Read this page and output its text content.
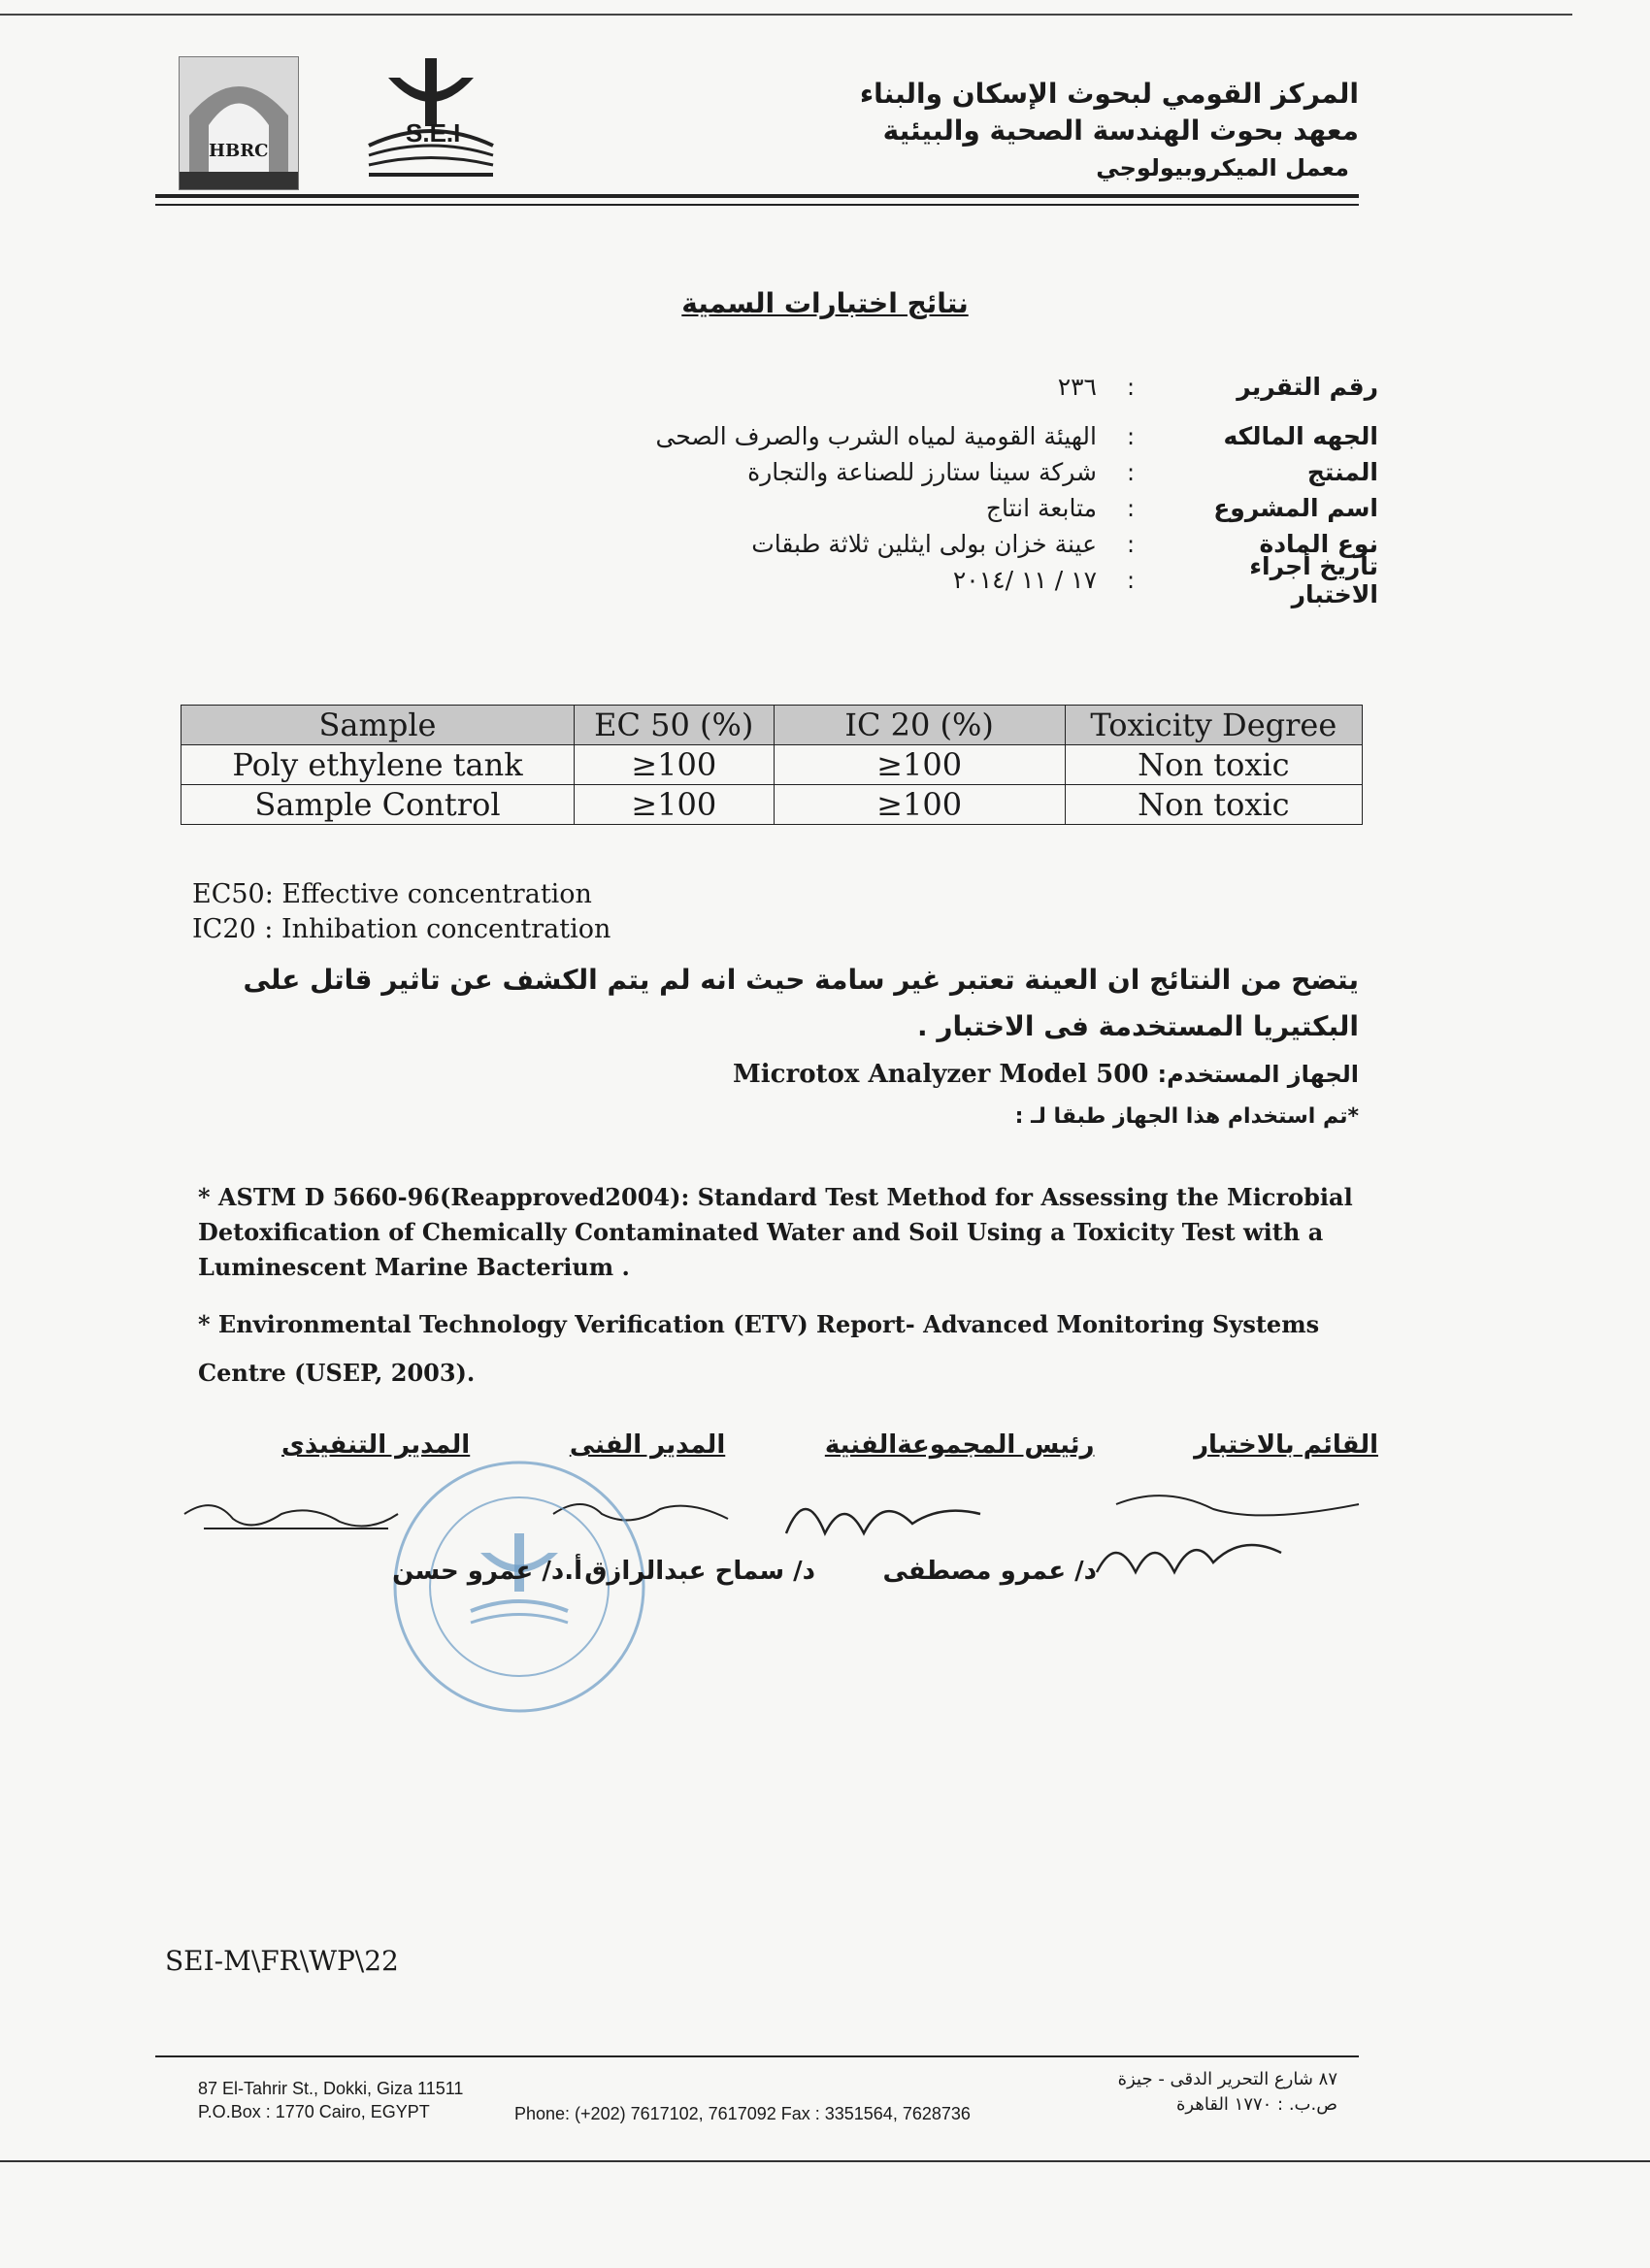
HBRC
S.E.I
المركز القومي لبحوث الإسكان والبناء
معهد بحوث الهندسة الصحية والبيئية
معمل الميكروبيولوجي
نتائج اختبارات السمية
رقم التقرير
:
٢٣٦
الجهه المالكه
:
الهيئة القومية لمياه الشرب والصرف الصحى
المنتج
:
شركة سينا ستارز للصناعة والتجارة
اسم المشروع
:
متابعة انتاج
نوع المادة
:
عينة خزان بولى ايثلين ثلاثة طبقات
تاريخ أجراء الاختبار
:
١٧ / ١١ /٢٠١٤
Sample	EC 50 (%)	IC 20 (%)	Toxicity Degree
Poly ethylene tank	≥100	≥100	Non toxic
Sample Control	≥100	≥100	Non toxic
EC50: Effective concentration
IC20 : Inhibation concentration
يتضح من النتائج ان العينة تعتبر غير سامة حيث انه لم يتم الكشف عن تاثير قاتل على البكتيريا المستخدمة فى الاختبار .
الجهاز المستخدم: Microtox Analyzer Model 500
*تم استخدام هذا الجهاز طبقا لـ :

* ASTM D 5660-96(Reapproved2004): Standard Test Method for Assessing the Microbial Detoxification of Chemically Contaminated Water and Soil Using a Toxicity Test with a Luminescent Marine Bacterium .

* Environmental Technology Verification (ETV) Report- Advanced Monitoring Systems Centre (USEP, 2003).

القائم بالاختبار
رئيس المجموعةالفنية
المدير الفنى
المدير التنفيذى
د/ عمرو مصطفى
د/ سماح عبدالرازق
أ.د/ عمرو حسن
SEI-M\FR\WP\22
87 El-Tahrir St., Dokki, Giza 11511
P.O.Box : 1770 Cairo, EGYPT	Phone: (+202) 7617102, 7617092 Fax : 3351564, 7628736
٨٧ شارع التحرير الدقى - جيزة
ص.ب. : ١٧٧٠ القاهرة
